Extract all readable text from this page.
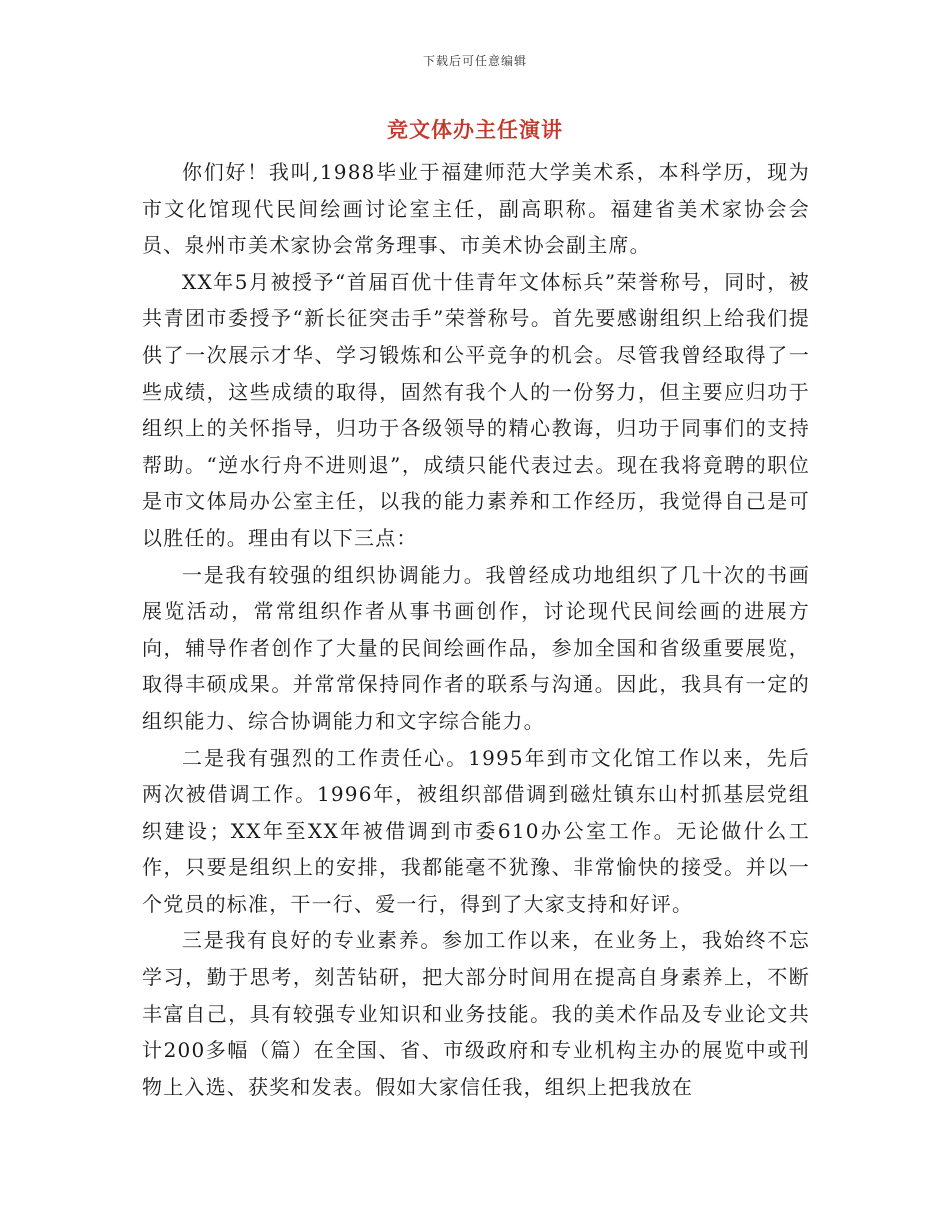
下载后可任意编辑
竞文体办主任演讲

你们好！我叫,1988毕业于福建师范大学美术系，本科学历，现为市文化馆现代民间绘画讨论室主任，副高职称。福建省美术家协会会员、泉州市美术家协会常务理事、市美术协会副主席。

XX年5月被授予“首届百优十佳青年文体标兵”荣誉称号，同时，被共青团市委授予“新长征突击手”荣誉称号。首先要感谢组织上给我们提供了一次展示才华、学习锻炼和公平竞争的机会。尽管我曾经取得了一些成绩，这些成绩的取得，固然有我个人的一份努力，但主要应归功于组织上的关怀指导，归功于各级领导的精心教诲，归功于同事们的支持帮助。“逆水行舟不进则退”，成绩只能代表过去。现在我将竟聘的职位是市文体局办公室主任，以我的能力素养和工作经历，我觉得自己是可以胜任的。理由有以下三点：

一是我有较强的组织协调能力。我曾经成功地组织了几十次的书画展览活动，常常组织作者从事书画创作，讨论现代民间绘画的进展方向，辅导作者创作了大量的民间绘画作品，参加全国和省级重要展览，取得丰硕成果。并常常保持同作者的联系与沟通。因此，我具有一定的组织能力、综合协调能力和文字综合能力。

二是我有强烈的工作责任心。1995年到市文化馆工作以来，先后两次被借调工作。1996年，被组织部借调到磁灶镇东山村抓基层党组织建设；XX年至XX年被借调到市委610办公室工作。无论做什么工作，只要是组织上的安排，我都能毫不犹豫、非常愉快的接受。并以一个党员的标准，干一行、爱一行，得到了大家支持和好评。

三是我有良好的专业素养。参加工作以来，在业务上，我始终不忘学习，勤于思考，刻苦钻研，把大部分时间用在提高自身素养上，不断丰富自己，具有较强专业知识和业务技能。我的美术作品及专业论文共计200多幅（篇）在全国、省、市级政府和专业机构主办的展览中或刊物上入选、获奖和发表。假如大家信任我，组织上把我放在
